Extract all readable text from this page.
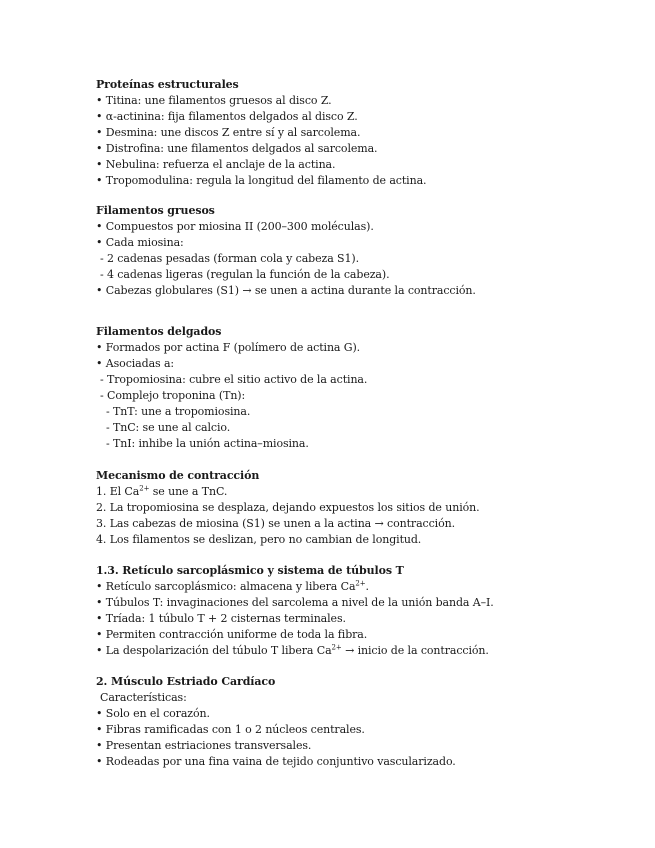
Proteínas estructurales
• Titina: une filamentos gruesos al disco Z.
• α-actinina: fija filamentos delgados al disco Z.
• Desmina: une discos Z entre sí y al sarcolema.
• Distrofina: une filamentos delgados al sarcolema.
• Nebulina: refuerza el anclaje de la actina.
• Tropomodulina: regula la longitud del filamento de actina.
Filamentos gruesos
• Compuestos por miosina II (200–300 moléculas).
• Cada miosina:
- 2 cadenas pesadas (forman cola y cabeza S1).
- 4 cadenas ligeras (regulan la función de la cabeza).
• Cabezas globulares (S1) → se unen a actina durante la contracción.
Filamentos delgados
• Formados por actina F (polímero de actina G).
• Asociadas a:
- Tropomiosina: cubre el sitio activo de la actina.
- Complejo troponina (Tn):
- TnT: une a tropomiosina.
- TnC: se une al calcio.
- TnI: inhibe la unión actina–miosina.
Mecanismo de contracción
1. El $Ca^{2+}$ se une a TnC.
2. La tropomiosina se desplaza, dejando expuestos los sitios de unión.
3. Las cabezas de miosina (S1) se unen a la actina → contracción.
4. Los filamentos se deslizan, pero no cambian de longitud.
1.3. Retículo sarcoplásmico y sistema de túbulos T
• Retículo sarcoplásmico: almacena y libera $Ca^{2+}$.
• Túbulos T: invaginaciones del sarcolema a nivel de la unión banda A–I.
• Tríada: 1 túbulo T + 2 cisternas terminales.
• Permiten contracción uniforme de toda la fibra.
• La despolarización del túbulo T libera $Ca^{2+}$ → inicio de la contracción.
2. Músculo Estriado Cardíaco
Características:
• Solo en el corazón.
• Fibras ramificadas con 1 o 2 núcleos centrales.
• Presentan estriaciones transversales.
• Rodeadas por una fina vaina de tejido conjuntivo vascularizado.
